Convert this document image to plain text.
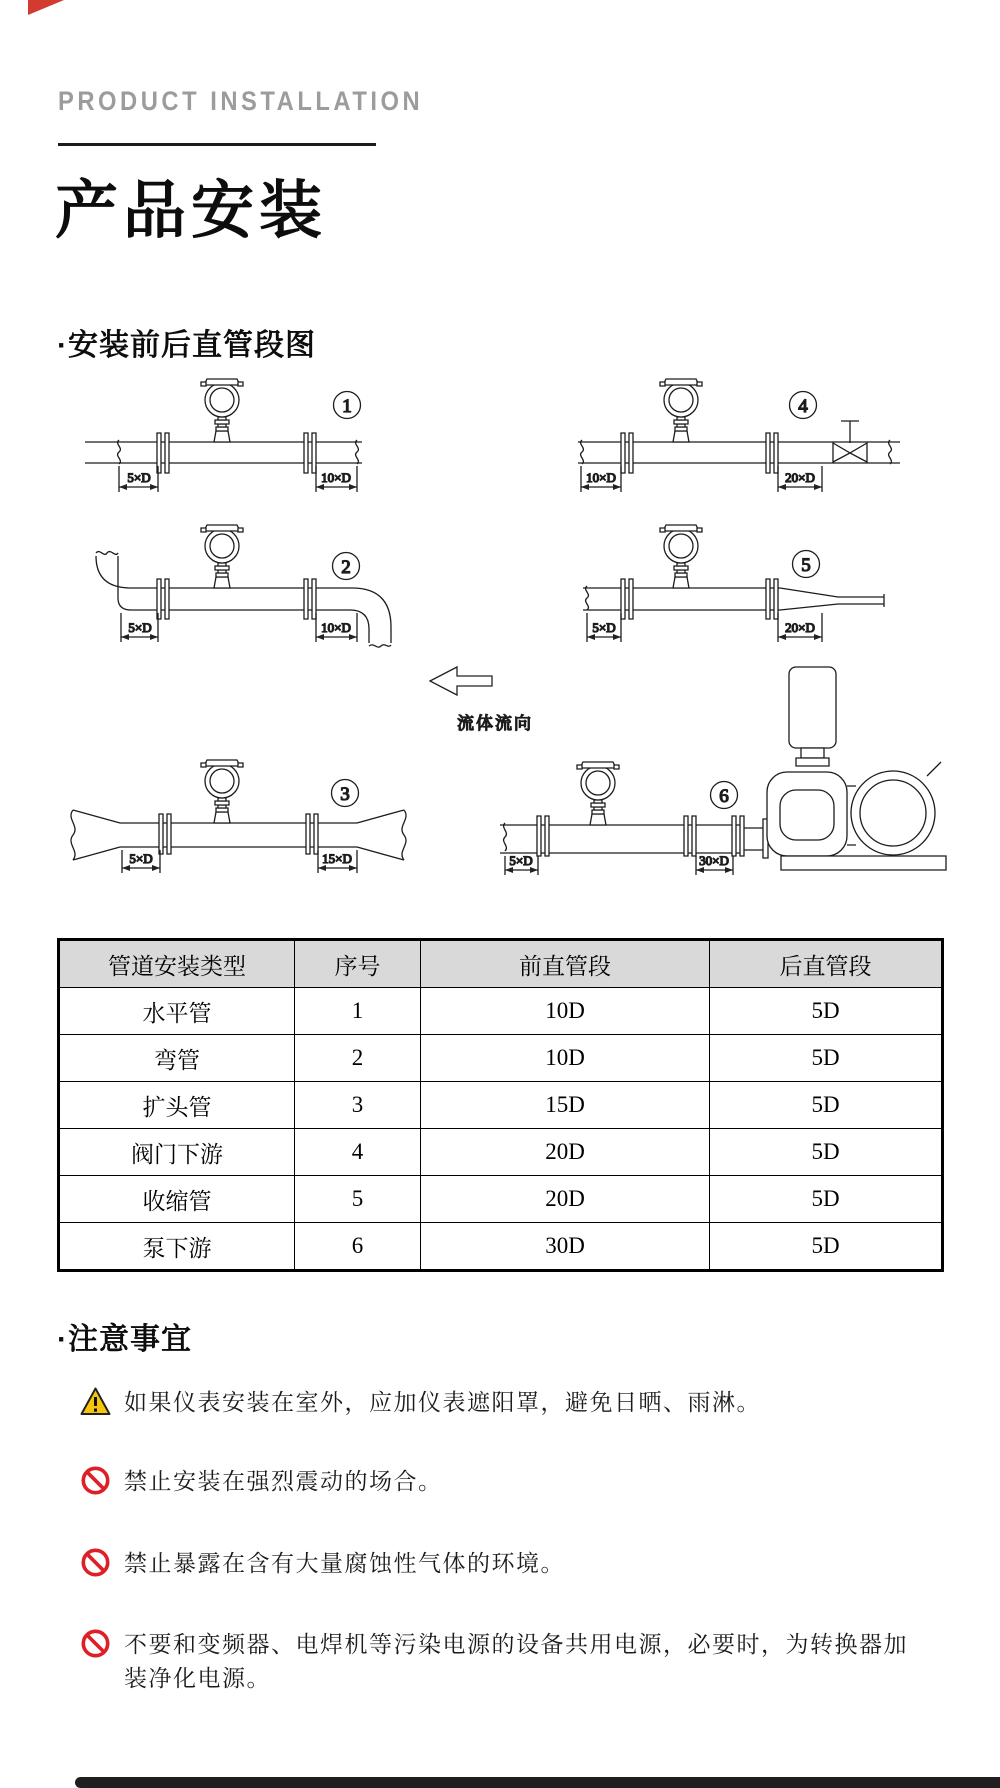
PRODUCT INSTALLATION
产品安装
·安装前后直管段图
5×D	10×D
1
10×D	20×D
4
5×D	10×D
2
5×D	20×D
5
流体流向
5×D	15×D
3
5×D	30×D
6
管道安装类型	序号	前直管段	后直管段
水平管	1	10D	5D
弯管	2	10D	5D
扩头管	3	15D	5D
阀门下游	4	20D	5D
收缩管	5	20D	5D
泵下游	6	30D	5D
·注意事宜
如果仪表安装在室外，应加仪表遮阳罩，避免日晒、雨淋。
禁止安装在强烈震动的场合。
禁止暴露在含有大量腐蚀性气体的环境。
不要和变频器、电焊机等污染电源的设备共用电源，必要时，为转换器加装净化电源。
